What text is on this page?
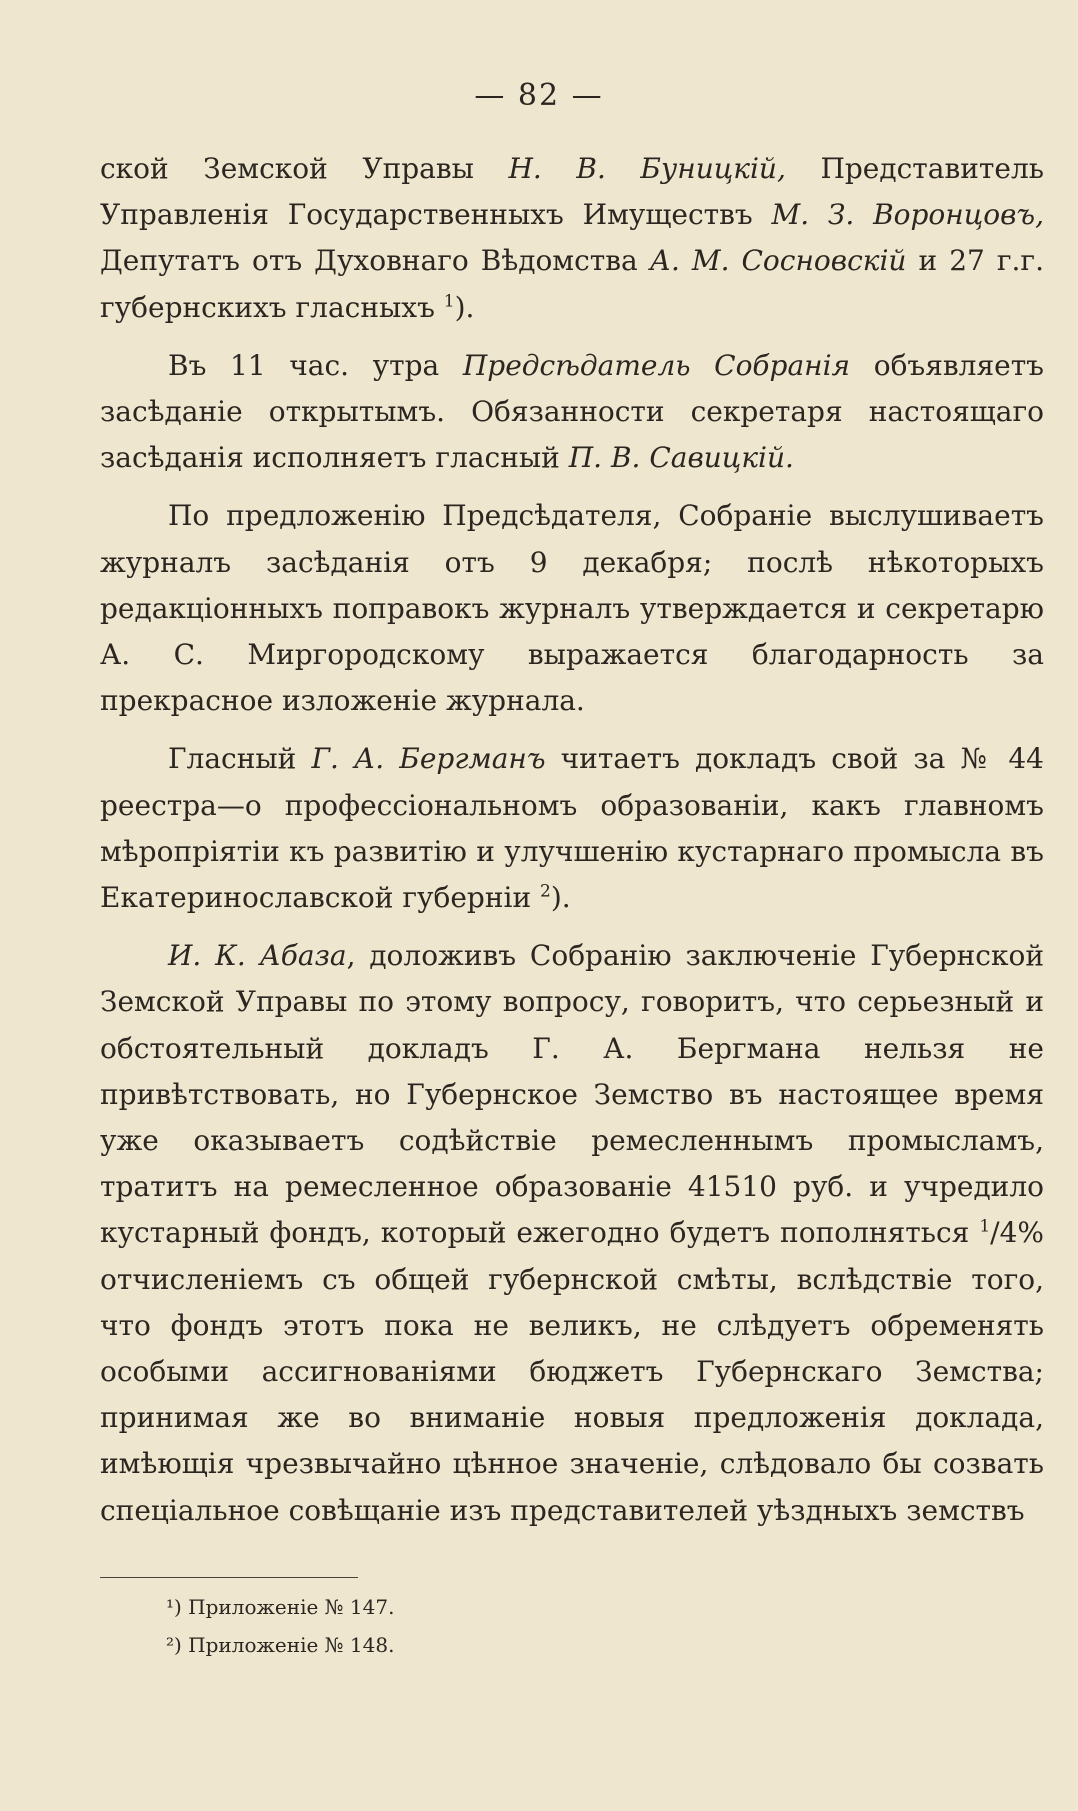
— 82 —

ской Земской Управы Н. В. Буницкій, Представитель Управленія Государственныхъ Имуществъ М. З. Воронцовъ, Депутатъ отъ Духовнаго Вѣдомства А. М. Сосновскій и 27 г.г. губернскихъ гласныхъ $^1$).

Въ 11 час. утра Предсѣдатель Собранія объявляетъ засѣданіе открытымъ. Обязанности секретаря настоящаго засѣданія исполняетъ гласный П. В. Савицкій.

По предложенію Предсѣдателя, Собраніе выслушиваетъ журналъ засѣданія отъ 9 декабря; послѣ нѣкоторыхъ редакціонныхъ поправокъ журналъ утверждается и секретарю А. С. Миргородскому выражается благодарность за прекрасное изложеніе журнала.

Гласный Г. А. Бергманъ читаетъ докладъ свой за № 44 реестра—о профессіональномъ образованіи, какъ главномъ мѣропріятіи къ развитію и улучшенію кустарнаго промысла въ Екатеринославской губерніи $^2$).

И. К. Абаза, доложивъ Собранію заключеніе Губернской Земской Управы по этому вопросу, говоритъ, что серьезный и обстоятельный докладъ Г. А. Бергмана нельзя не привѣтствовать, но Губернское Земство въ настоящее время уже оказываетъ содѣйствіе ремесленнымъ промысламъ, тратитъ на ремесленное образованіе 41510 руб. и учредило кустарный фондъ, который ежегодно будетъ пополняться $^1$/4% отчисленіемъ съ общей губернской смѣты, вслѣдствіе того, что фондъ этотъ пока не великъ, не слѣдуетъ обременять особыми ассигнованіями бюджетъ Губернскаго Земства; принимая же во вниманіе новыя предложенія доклада, имѣющія чрезвычайно цѣнное значеніе, слѣдовало бы созвать спеціальное совѣщаніе изъ представителей уѣздныхъ земствъ

¹) Приложеніе № 147.
²) Приложеніе № 148.
